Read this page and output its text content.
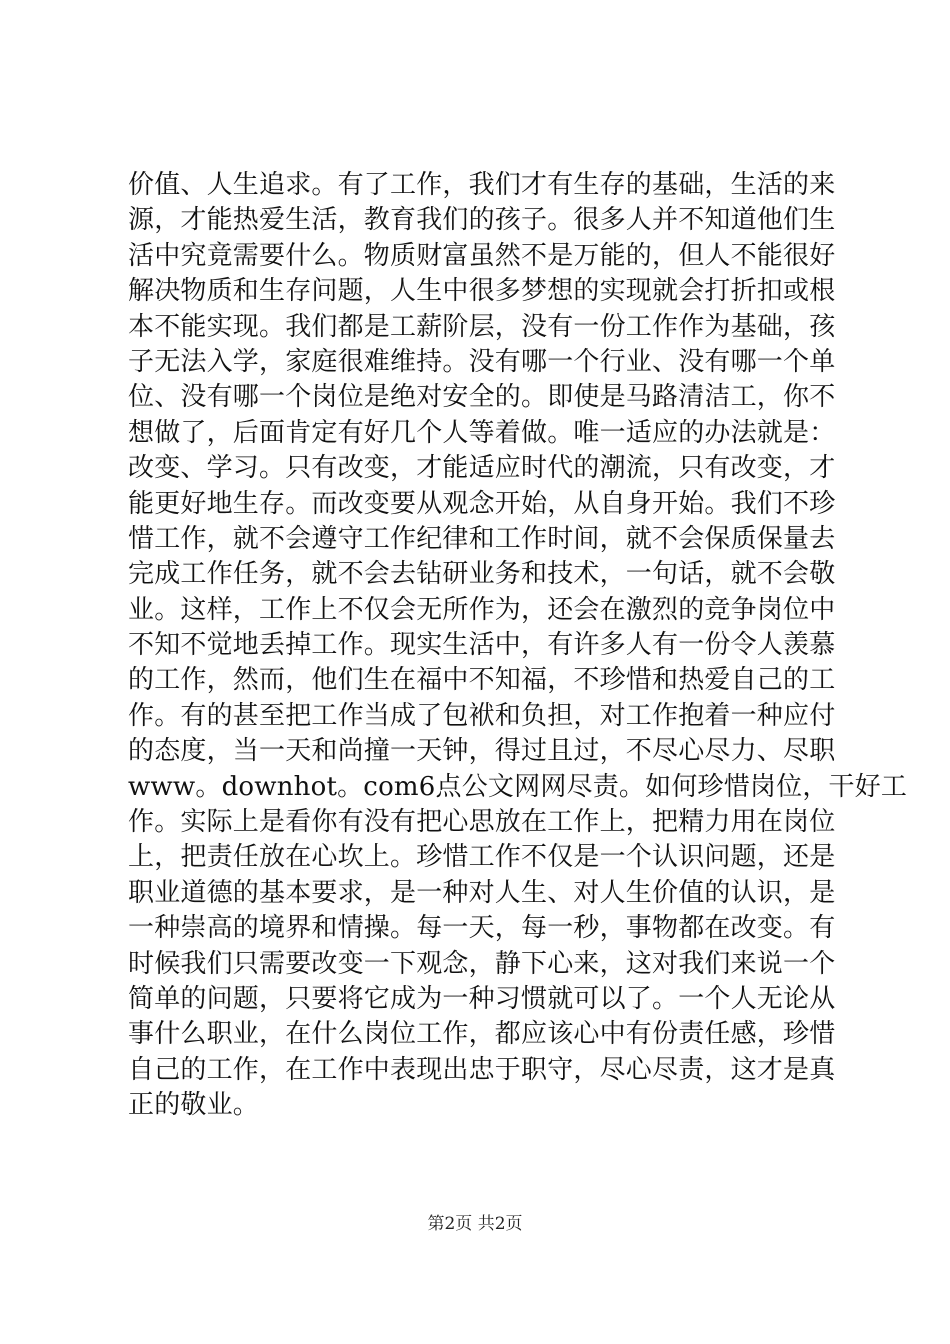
价值、人生追求。有了工作，我们才有生存的基础，生活的来
源，才能热爱生活，教育我们的孩子。很多人并不知道他们生
活中究竟需要什么。物质财富虽然不是万能的，但人不能很好
解决物质和生存问题，人生中很多梦想的实现就会打折扣或根
本不能实现。我们都是工薪阶层，没有一份工作作为基础，孩
子无法入学，家庭很难维持。没有哪一个行业、没有哪一个单
位、没有哪一个岗位是绝对安全的。即使是马路清洁工，你不
想做了，后面肯定有好几个人等着做。唯一适应的办法就是：
改变、学习。只有改变，才能适应时代的潮流，只有改变，才
能更好地生存。而改变要从观念开始，从自身开始。我们不珍
惜工作，就不会遵守工作纪律和工作时间，就不会保质保量去
完成工作任务，就不会去钻研业务和技术，一句话，就不会敬
业。这样，工作上不仅会无所作为，还会在激烈的竞争岗位中
不知不觉地丢掉工作。现实生活中，有许多人有一份令人羡慕
的工作，然而，他们生在福中不知福，不珍惜和热爱自己的工
作。有的甚至把工作当成了包袱和负担，对工作抱着一种应付
的态度，当一天和尚撞一天钟，得过且过，不尽心尽力、尽职
www。downhot。com6点公文网网尽责。如何珍惜岗位，干好工
作。实际上是看你有没有把心思放在工作上，把精力用在岗位
上，把责任放在心坎上。珍惜工作不仅是一个认识问题，还是
职业道德的基本要求，是一种对人生、对人生价值的认识，是
一种崇高的境界和情操。每一天，每一秒，事物都在改变。有
时候我们只需要改变一下观念，静下心来，这对我们来说一个
简单的问题，只要将它成为一种习惯就可以了。一个人无论从
事什么职业，在什么岗位工作，都应该心中有份责任感，珍惜
自己的工作，在工作中表现出忠于职守，尽心尽责，这才是真
正的敬业。
第2页 共2页
